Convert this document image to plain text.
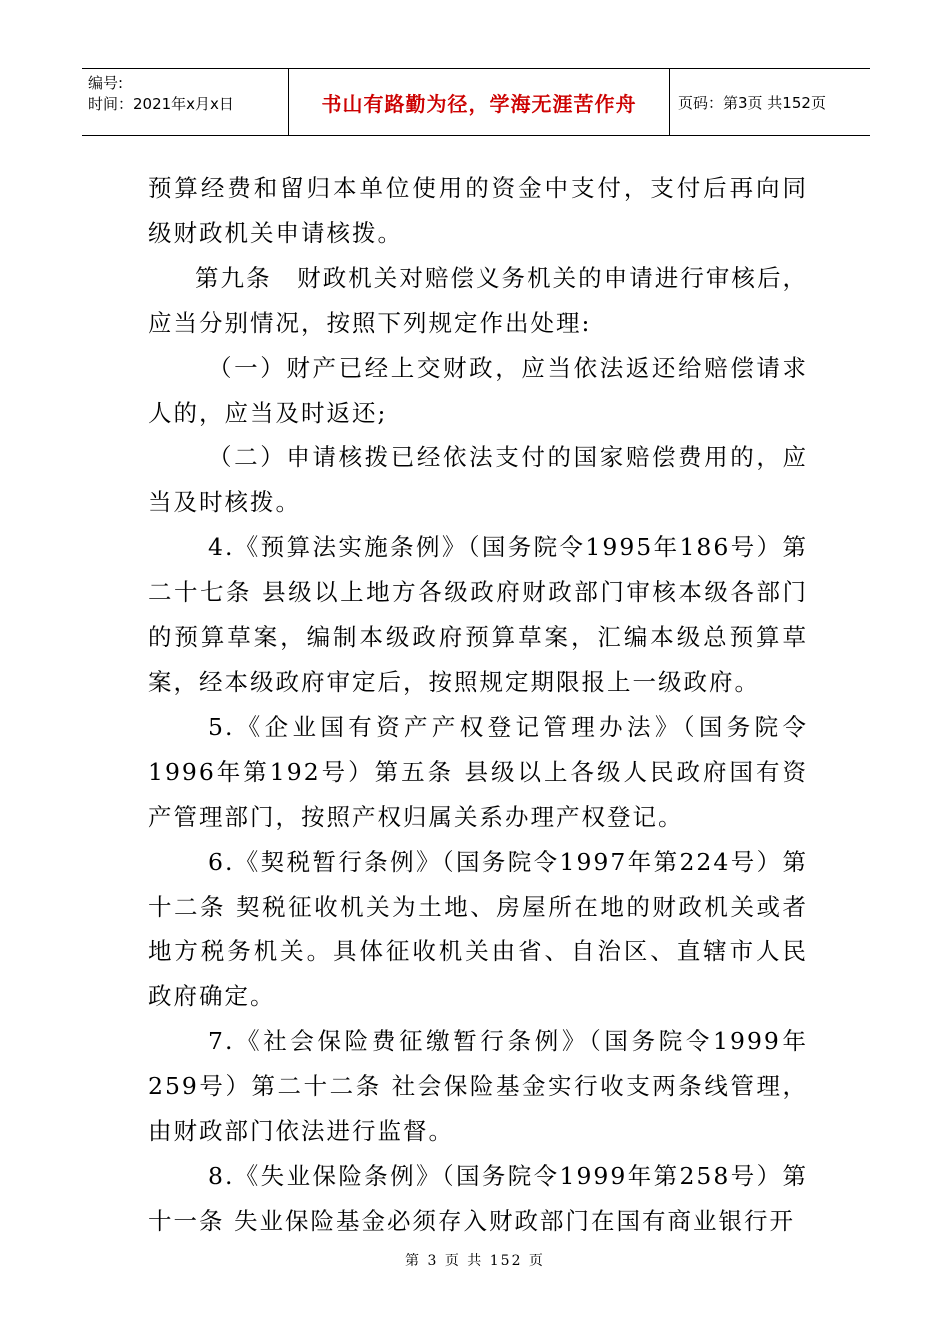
编号:
时间：2021年x月x日	书山有路勤为径，学海无涯苦作舟	页码：第3页 共152页

预算经费和留归本单位使用的资金中支付，支付后再向同级财政机关申请核拨。

第九条　财政机关对赔偿义务机关的申请进行审核后，应当分别情况，按照下列规定作出处理:

（一）财产已经上交财政，应当依法返还给赔偿请求人的，应当及时返还;

（二）申请核拨已经依法支付的国家赔偿费用的，应当及时核拨。

4.《预算法实施条例》（国务院令1995年186号）第二十七条 县级以上地方各级政府财政部门审核本级各部门的预算草案，编制本级政府预算草案，汇编本级总预算草案，经本级政府审定后，按照规定期限报上一级政府。

5.《企业国有资产产权登记管理办法》（国务院令1996年第192号）第五条 县级以上各级人民政府国有资产管理部门，按照产权归属关系办理产权登记。

6.《契税暂行条例》（国务院令1997年第224号）第十二条 契税征收机关为土地、房屋所在地的财政机关或者地方税务机关。具体征收机关由省、自治区、直辖市人民政府确定。

7.《社会保险费征缴暂行条例》（国务院令1999年259号）第二十二条 社会保险基金实行收支两条线管理，由财政部门依法进行监督。

8.《失业保险条例》（国务院令1999年第258号）第十一条 失业保险基金必须存入财政部门在国有商业银行开

第 3 页 共 152 页
